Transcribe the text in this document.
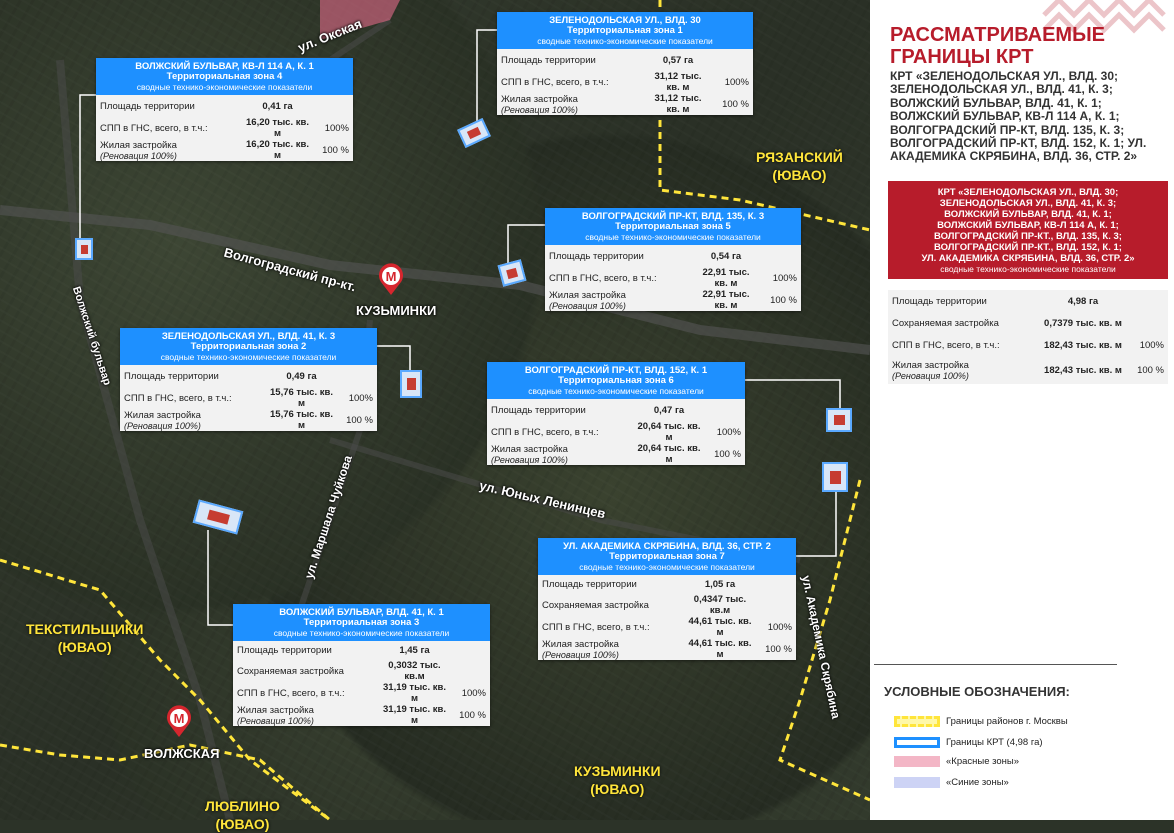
ул. Окская
Волгоградский пр-кт.
Волжский бульвар
ул. Маршала Чуйкова	ул. Юных Ленинцев
ул. Академика Скрябина
РЯЗАНСКИЙ
(ЮВАО)
ТЕКСТИЛЬЩИКИ
(ЮВАО)
КУЗЬМИНКИ
(ЮВАО)
ЛЮБЛИНО
(ЮВАО)
M
КУЗЬМИНКИ
M
ВОЛЖСКАЯ
ЗЕЛЕНОДОЛЬСКАЯ УЛ., ВЛД. 30
Территориальная зона 1
сводные технико-экономические показатели
Площадь территории	0,57 га
СПП в ГНС, всего, в т.ч.:	31,12 тыс. кв. м	100%
Жилая застройка
(Реновация 100%)
31,12 тыс. кв. м	100 %
ВОЛЖСКИЙ БУЛЬВАР, КВ-Л 114 А, К. 1
Территориальная зона 4
сводные технико-экономические показатели
Площадь территории	0,41 га
СПП в ГНС, всего, в т.ч.:	16,20 тыс. кв. м	100%
Жилая застройка
(Реновация 100%)
16,20 тыс. кв. м	100 %
ВОЛГОГРАДСКИЙ ПР-КТ, ВЛД. 135, К. 3
Территориальная зона 5
сводные технико-экономические показатели
Площадь территории	0,54 га
СПП в ГНС, всего, в т.ч.:	22,91 тыс. кв. м	100%
Жилая застройка
(Реновация 100%)
22,91 тыс. кв. м	100 %
ЗЕЛЕНОДОЛЬСКАЯ УЛ., ВЛД. 41, К. 3
Территориальная зона 2
сводные технико-экономические показатели
Площадь территории	0,49 га
СПП в ГНС, всего, в т.ч.:	15,76 тыс. кв. м	100%
Жилая застройка
(Реновация 100%)
15,76 тыс. кв. м	100 %
ВОЛГОГРАДСКИЙ ПР-КТ, ВЛД. 152, К. 1
Территориальная зона 6
сводные технико-экономические показатели
Площадь территории	0,47 га
СПП в ГНС, всего, в т.ч.:	20,64 тыс. кв. м	100%
Жилая застройка
(Реновация 100%)
20,64 тыс. кв. м	100 %
УЛ. АКАДЕМИКА СКРЯБИНА, ВЛД. 36, СТР. 2
Территориальная зона 7
сводные технико-экономические показатели
Площадь территории	1,05 га
Сохраняемая застройка	0,4347 тыс. кв.м
СПП в ГНС, всего, в т.ч.:	44,61 тыс. кв. м	100%
Жилая застройка
(Реновация 100%)
44,61 тыс. кв. м	100 %
ВОЛЖСКИЙ БУЛЬВАР, ВЛД. 41, К. 1
Территориальная зона 3
сводные технико-экономические показатели
Площадь территории	1,45 га
Сохраняемая застройка	0,3032 тыс. кв.м
СПП в ГНС, всего, в т.ч.:	31,19 тыс. кв. м	100%
Жилая застройка
(Реновация 100%)
31,19 тыс. кв. м	100 %
РАССМАТРИВАЕМЫЕ ГРАНИЦЫ КРТ
КРТ «ЗЕЛЕНОДОЛЬСКАЯ УЛ., ВЛД. 30; ЗЕЛЕНОДОЛЬСКАЯ УЛ., ВЛД. 41, К. 3; ВОЛЖСКИЙ БУЛЬВАР, ВЛД. 41, К. 1; ВОЛЖСКИЙ БУЛЬВАР, КВ-Л 114 А, К. 1; ВОЛГОГРАДСКИЙ ПР-КТ, ВЛД. 135, К. 3; ВОЛГОГРАДСКИЙ ПР-КТ, ВЛД. 152, К. 1; УЛ. АКАДЕМИКА СКРЯБИНА, ВЛД. 36, СТР. 2»
КРТ «ЗЕЛЕНОДОЛЬСКАЯ УЛ., ВЛД. 30;
ЗЕЛЕНОДОЛЬСКАЯ УЛ., ВЛД. 41, К. 3;
ВОЛЖСКИЙ БУЛЬВАР, ВЛД. 41, К. 1;
ВОЛЖСКИЙ БУЛЬВАР, КВ-Л 114 А, К. 1;
ВОЛГОГРАДСКИЙ ПР-КТ., ВЛД. 135, К. 3;
ВОЛГОГРАДСКИЙ ПР-КТ., ВЛД. 152, К. 1;
УЛ. АКАДЕМИКА СКРЯБИНА, ВЛД. 36, СТР. 2»
сводные технико-экономические показатели
Площадь территории	4,98 га
Сохраняемая застройка	0,7379 тыс. кв. м
СПП в ГНС, всего, в т.ч.:	182,43 тыс. кв. м	100%
Жилая застройка
(Реновация 100%)	182,43 тыс. кв. м	100 %
УСЛОВНЫЕ ОБОЗНАЧЕНИЯ:
Границы районов г. Москвы
Границы КРТ (4,98 га)
«Красные зоны»
«Синие зоны»
